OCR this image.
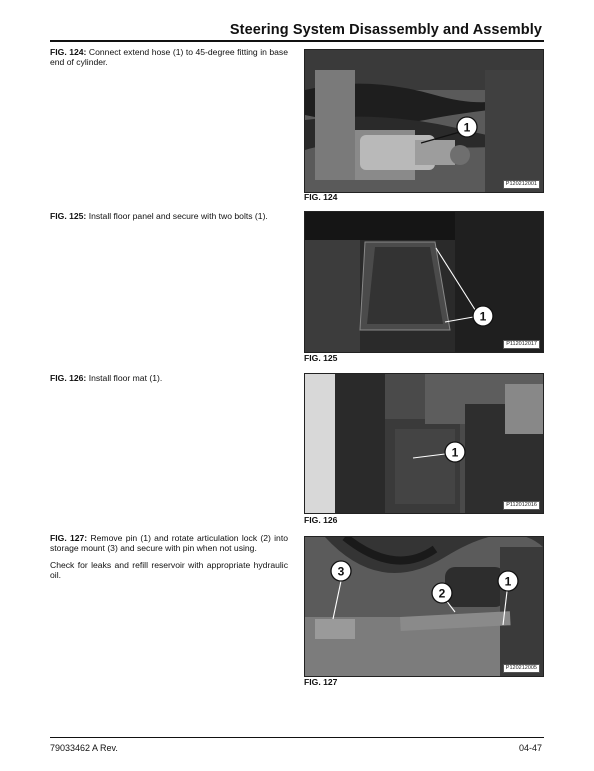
Steering System Disassembly and Assembly

FIG. 124: Connect extend hose (1) to 45-degree fitting in base end of cylinder.

1
P120212001
FIG. 124

FIG. 125: Install floor panel and secure with two bolts (1).

1
P112012017
FIG. 125

FIG. 126: Install floor mat (1).

1
P112012016
FIG. 126

FIG. 127: Remove pin (1) and rotate articulation lock (2) into storage mount (3) and secure with pin when not using.

Check for leaks and refill reservoir with appropriate hydraulic oil.	3
2
1
P120212005
FIG. 127
79033462 A Rev.	04-47
